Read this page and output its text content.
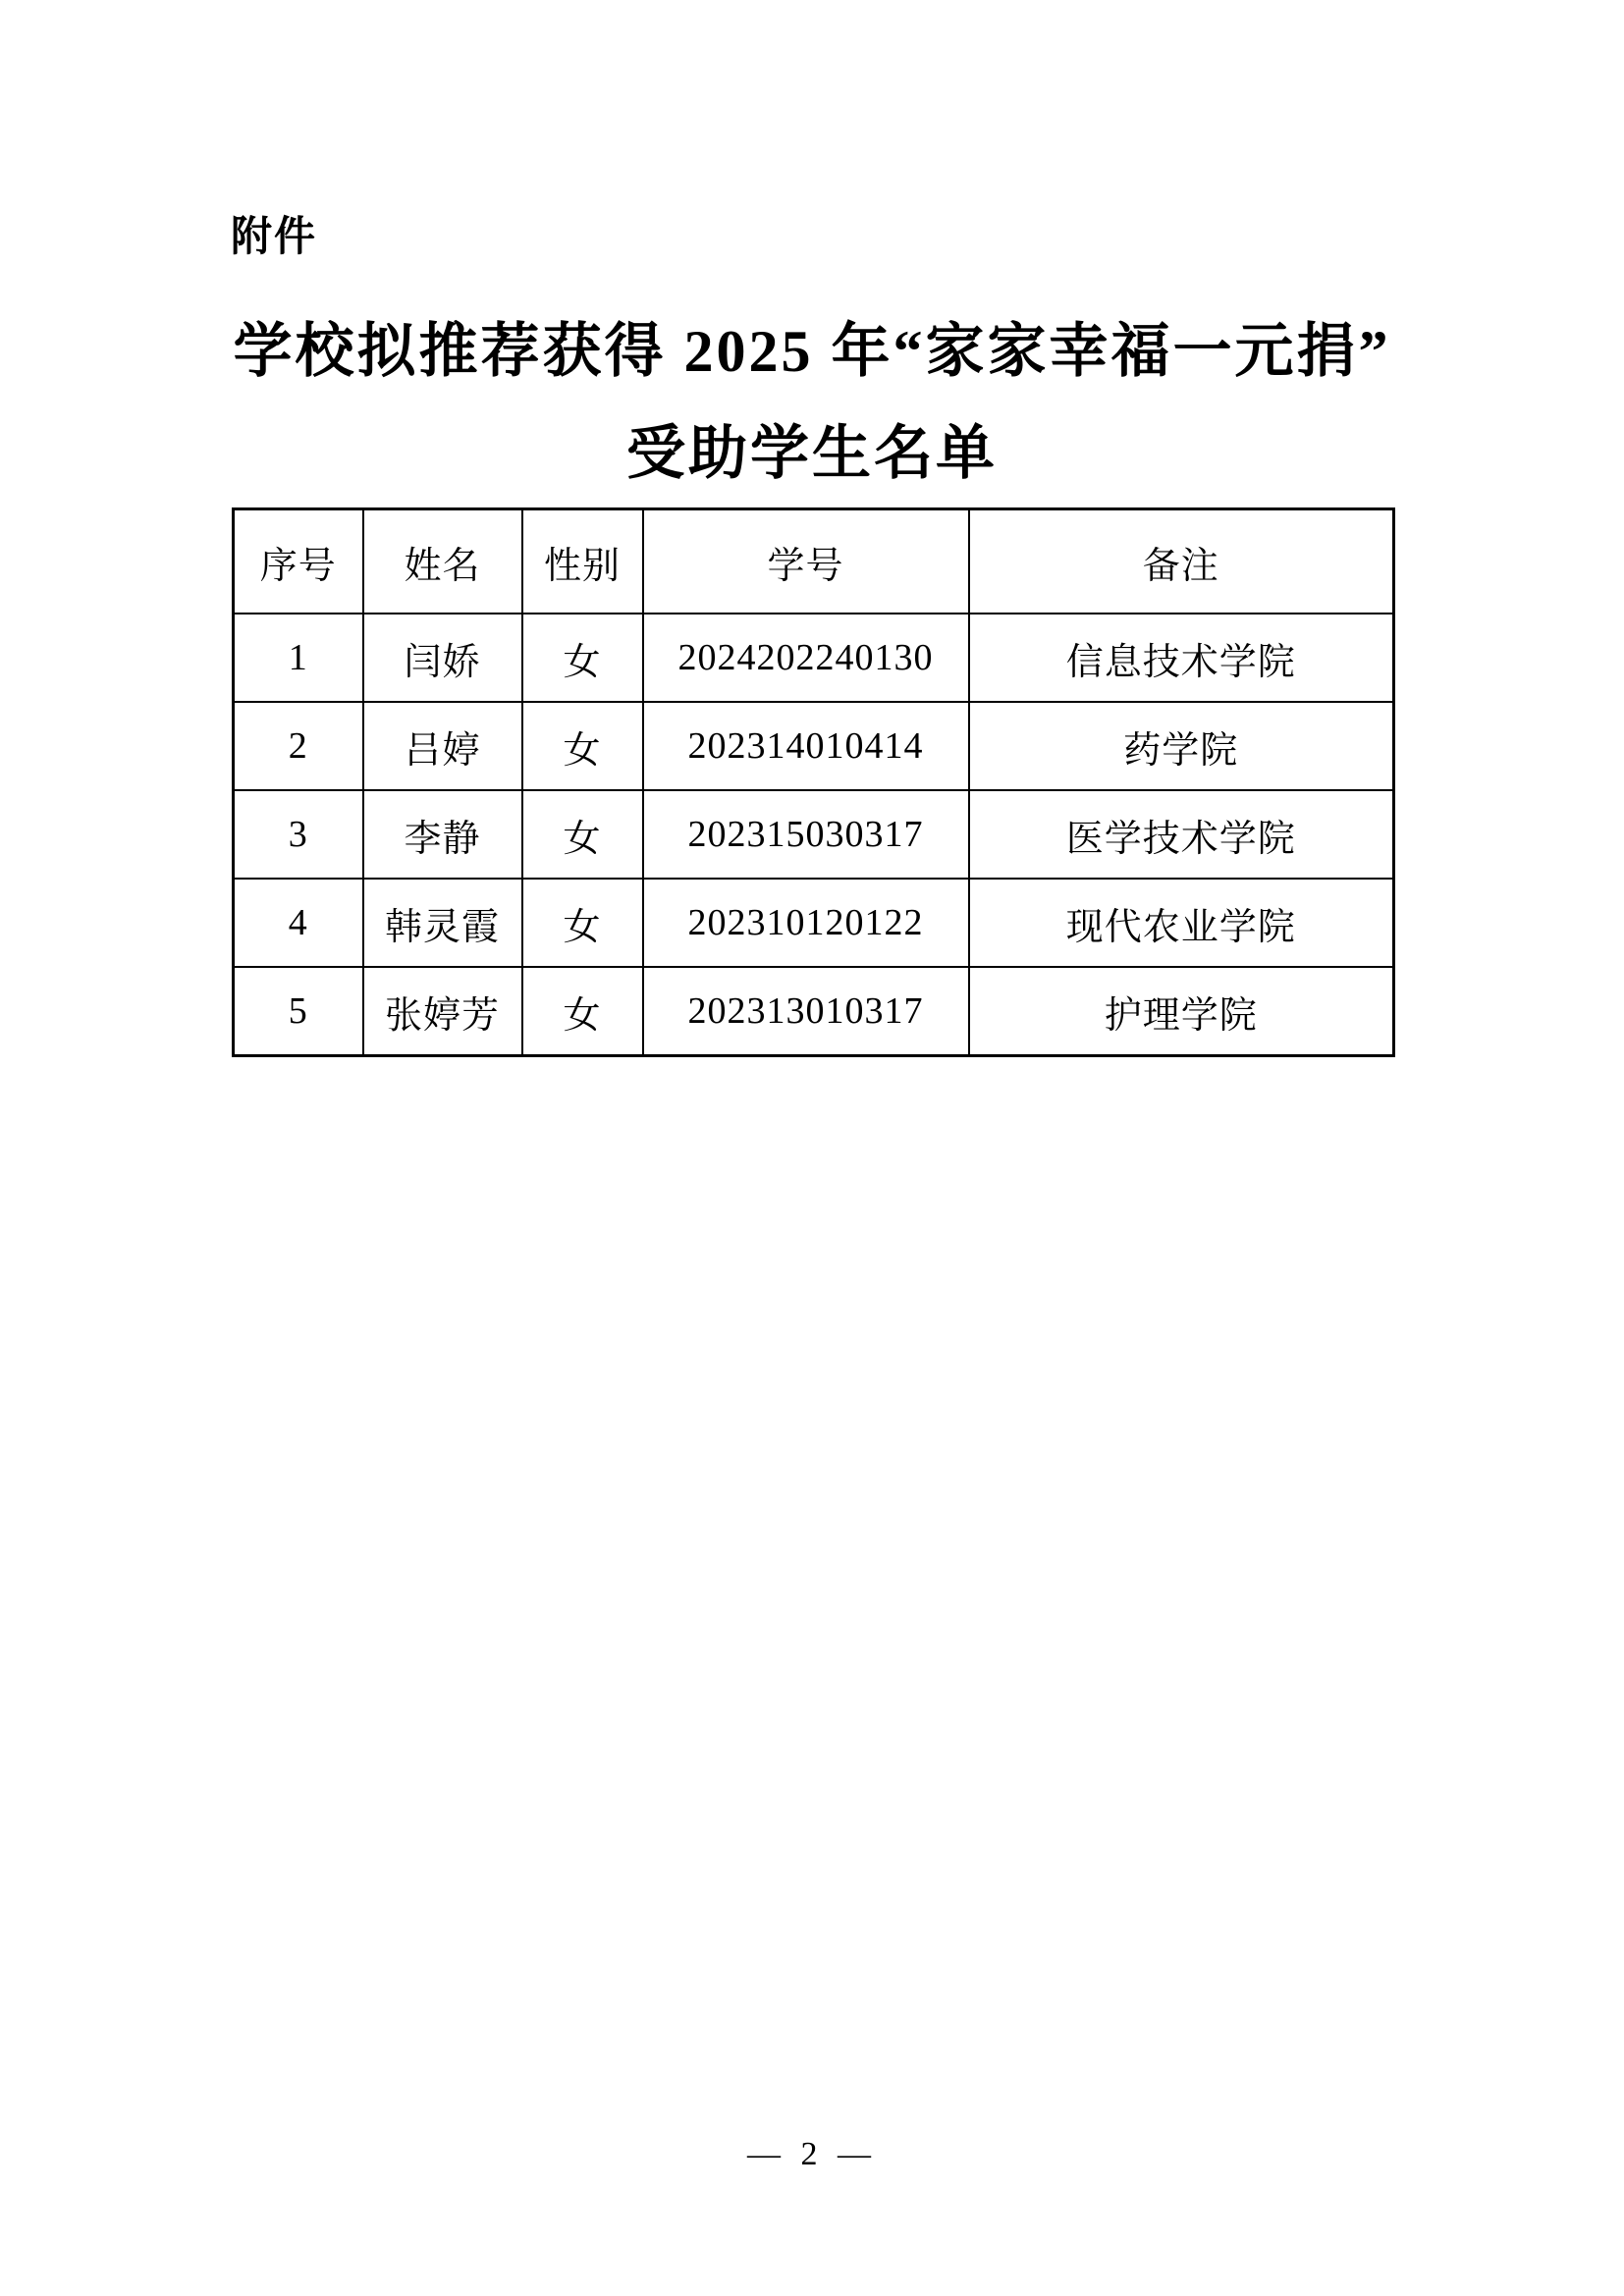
附件
学校拟推荐获得 2025 年“家家幸福一元捐”
受助学生名单
序号	姓名	性别	学号	备注
1	闫娇	女	2024202240130	信息技术学院
2	吕婷	女	202314010414	药学院
3	李静	女	202315030317	医学技术学院
4	韩灵霞	女	202310120122	现代农业学院
5	张婷芳	女	202313010317	护理学院
— 2 —
